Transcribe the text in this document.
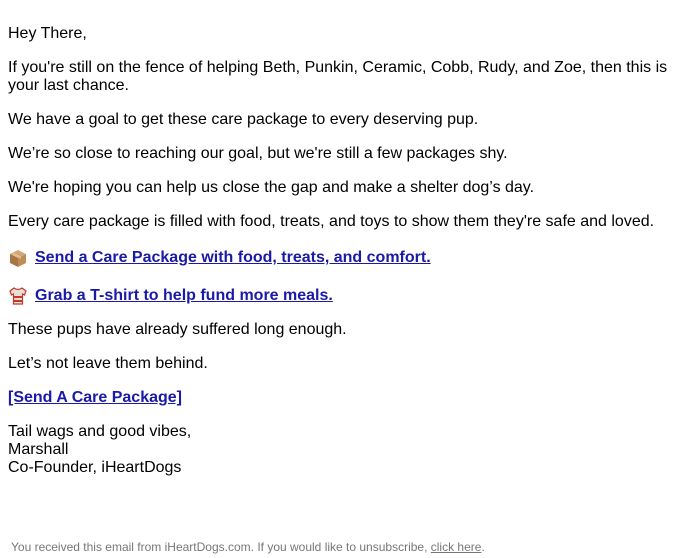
Hey There,

If you're still on the fence of helping Beth, Punkin, Ceramic, Cobb, Rudy, and Zoe, then this is your last chance.

We have a goal to get these care package to every deserving pup.

We’re so close to reaching our goal, but we're still a few packages shy.

We're hoping you can help us close the gap and make a shelter dog’s day.

Every care package is filled with food, treats, and toys to show them they're safe and loved.

Send a Care Package with food, treats, and comfort.
Grab a T-shirt to help fund more meals.

These pups have already suffered long enough.

Let’s not leave them behind.

[Send A Care Package]

Tail wags and good vibes,

Marshall

Co-Founder, iHeartDogs

You received this email from iHeartDogs.com. If you would like to unsubscribe, click here.
